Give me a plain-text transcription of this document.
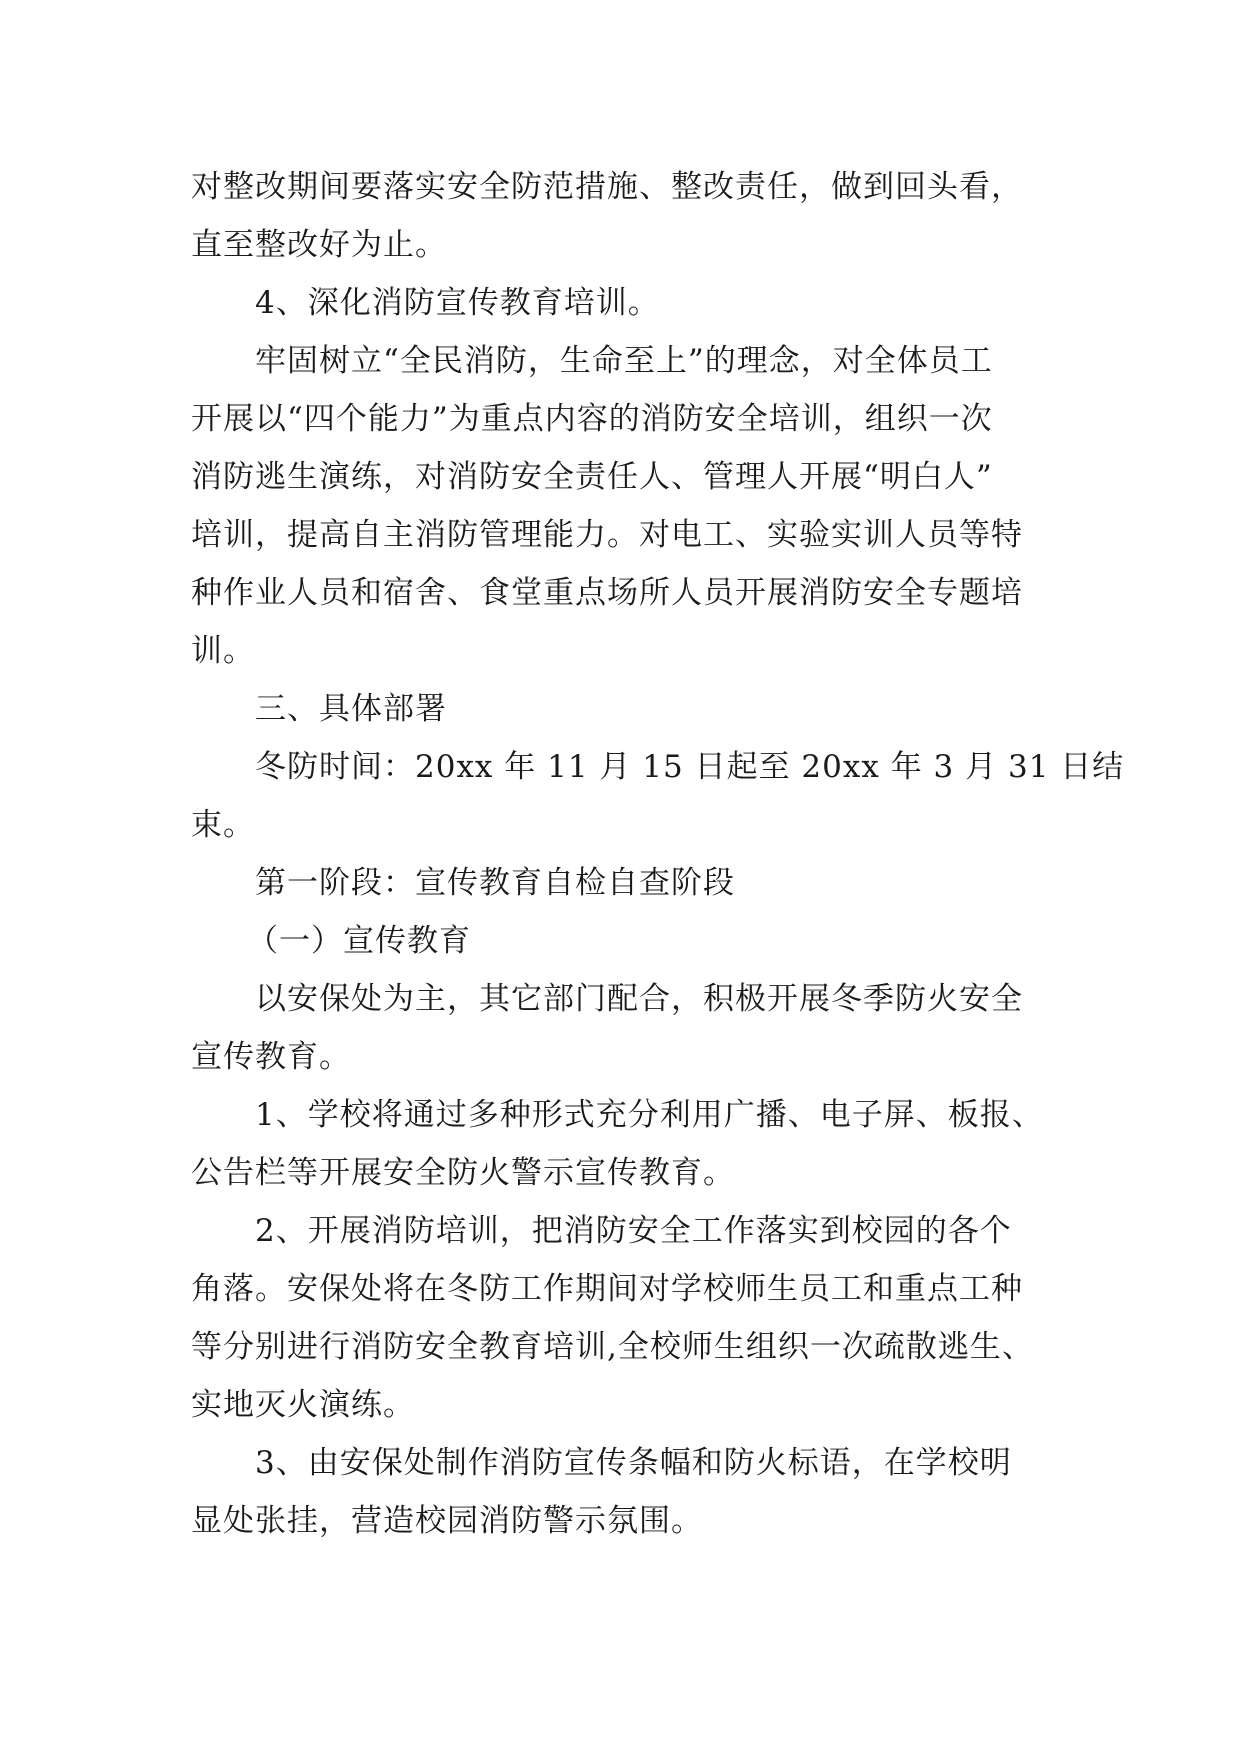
对整改期间要落实安全防范措施、整改责任，做到回头看，
直至整改好为止。
4、深化消防宣传教育培训。
牢固树立“全民消防，生命至上”的理念，对全体员工
开展以“四个能力”为重点内容的消防安全培训，组织一次
消防逃生演练，对消防安全责任人、管理人开展“明白人”
培训，提高自主消防管理能力。对电工、实验实训人员等特
种作业人员和宿舍、食堂重点场所人员开展消防安全专题培
训。
三、具体部署
冬防时间：20xx 年 11 月 15 日起至 20xx 年 3 月 31 日结
束。
第一阶段：宣传教育自检自查阶段
（一）宣传教育
以安保处为主，其它部门配合，积极开展冬季防火安全
宣传教育。
1、学校将通过多种形式充分利用广播、电子屏、板报、
公告栏等开展安全防火警示宣传教育。
2、开展消防培训，把消防安全工作落实到校园的各个
角落。安保处将在冬防工作期间对学校师生员工和重点工种
等分别进行消防安全教育培训,全校师生组织一次疏散逃生、
实地灭火演练。
3、由安保处制作消防宣传条幅和防火标语，在学校明
显处张挂，营造校园消防警示氛围。
